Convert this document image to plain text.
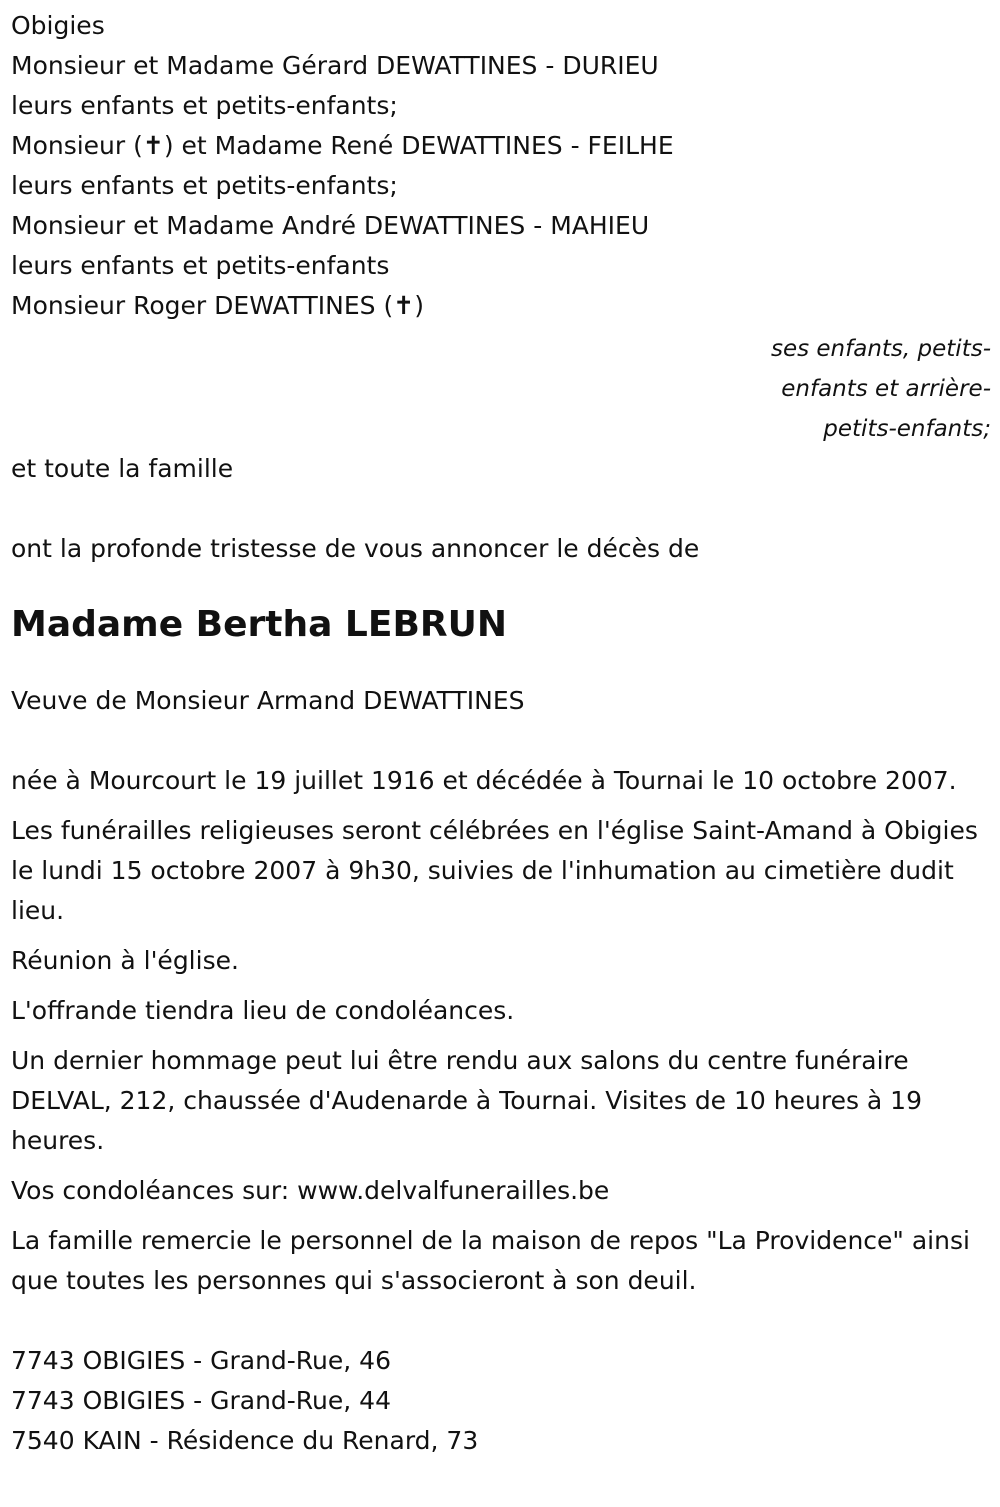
Obigies
Monsieur et Madame Gérard DEWATTINES - DURIEU
leurs enfants et petits-enfants;
Monsieur (✝) et Madame René DEWATTINES - FEILHE
leurs enfants et petits-enfants;
Monsieur et Madame André DEWATTINES - MAHIEU
leurs enfants et petits-enfants
Monsieur Roger DEWATTINES (✝)
ses enfants, petits-
enfants et arrière-
petits-enfants;
et toute la famille
ont la profonde tristesse de vous annoncer le décès de
Madame Bertha LEBRUN
Veuve de Monsieur Armand DEWATTINES

née à Mourcourt le 19 juillet 1916 et décédée à Tournai le 10 octobre 2007.

Les funérailles religieuses seront célébrées en l'église Saint-Amand à Obigies le lundi 15 octobre 2007 à 9h30, suivies de l'inhumation au cimetière dudit lieu.

Réunion à l'église.

L'offrande tiendra lieu de condoléances.

Un dernier hommage peut lui être rendu aux salons du centre funéraire DELVAL, 212, chaussée d'Audenarde à Tournai. Visites de 10 heures à 19 heures.

Vos condoléances sur: www.delvalfunerailles.be

La famille remercie le personnel de la maison de repos "La Providence" ainsi que toutes les personnes qui s'associeront à son deuil.

7743 OBIGIES - Grand-Rue, 46
7743 OBIGIES - Grand-Rue, 44
7540 KAIN - Résidence du Renard, 73
